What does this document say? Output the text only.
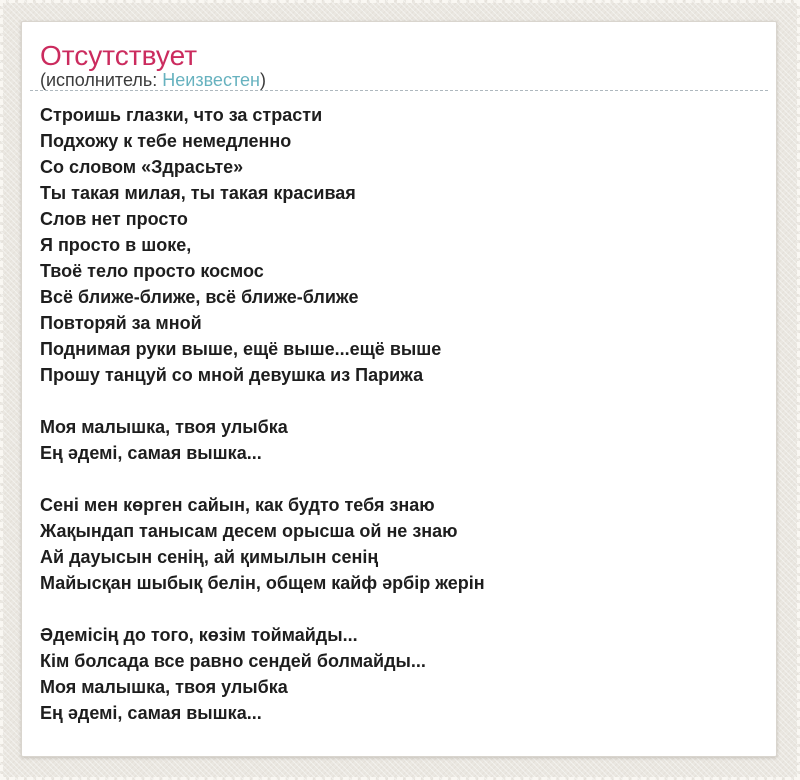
Отсутствует

(исполнитель: Неизвестен)

Строишь глазки, что за страсти
Подхожу к тебе немедленно
Со словом «Здрасьте»
Ты такая милая, ты такая красивая
Слов нет просто
Я просто в шоке,
Твоё тело просто космос
Всё ближе-ближе, всё ближе-ближе
Повторяй за мной
Поднимая руки выше, ещё выше...ещё выше
Прошу танцуй со мной девушка из Парижа
Моя малышка, твоя улыбка
Ең әдемі, самая вышка...
Сені мен көрген сайын, как будто тебя знаю
Жақындап танысам десем орысша ой не знаю
Ай дауысын сенің, ай қимылын сенің
Майысқан шыбық белін, общем кайф әрбір жерін
Әдемісің до того, көзім тоймайды...
Кім болсада все равно сендей болмайды...
Моя малышка, твоя улыбка
Ең әдемі, самая вышка...
